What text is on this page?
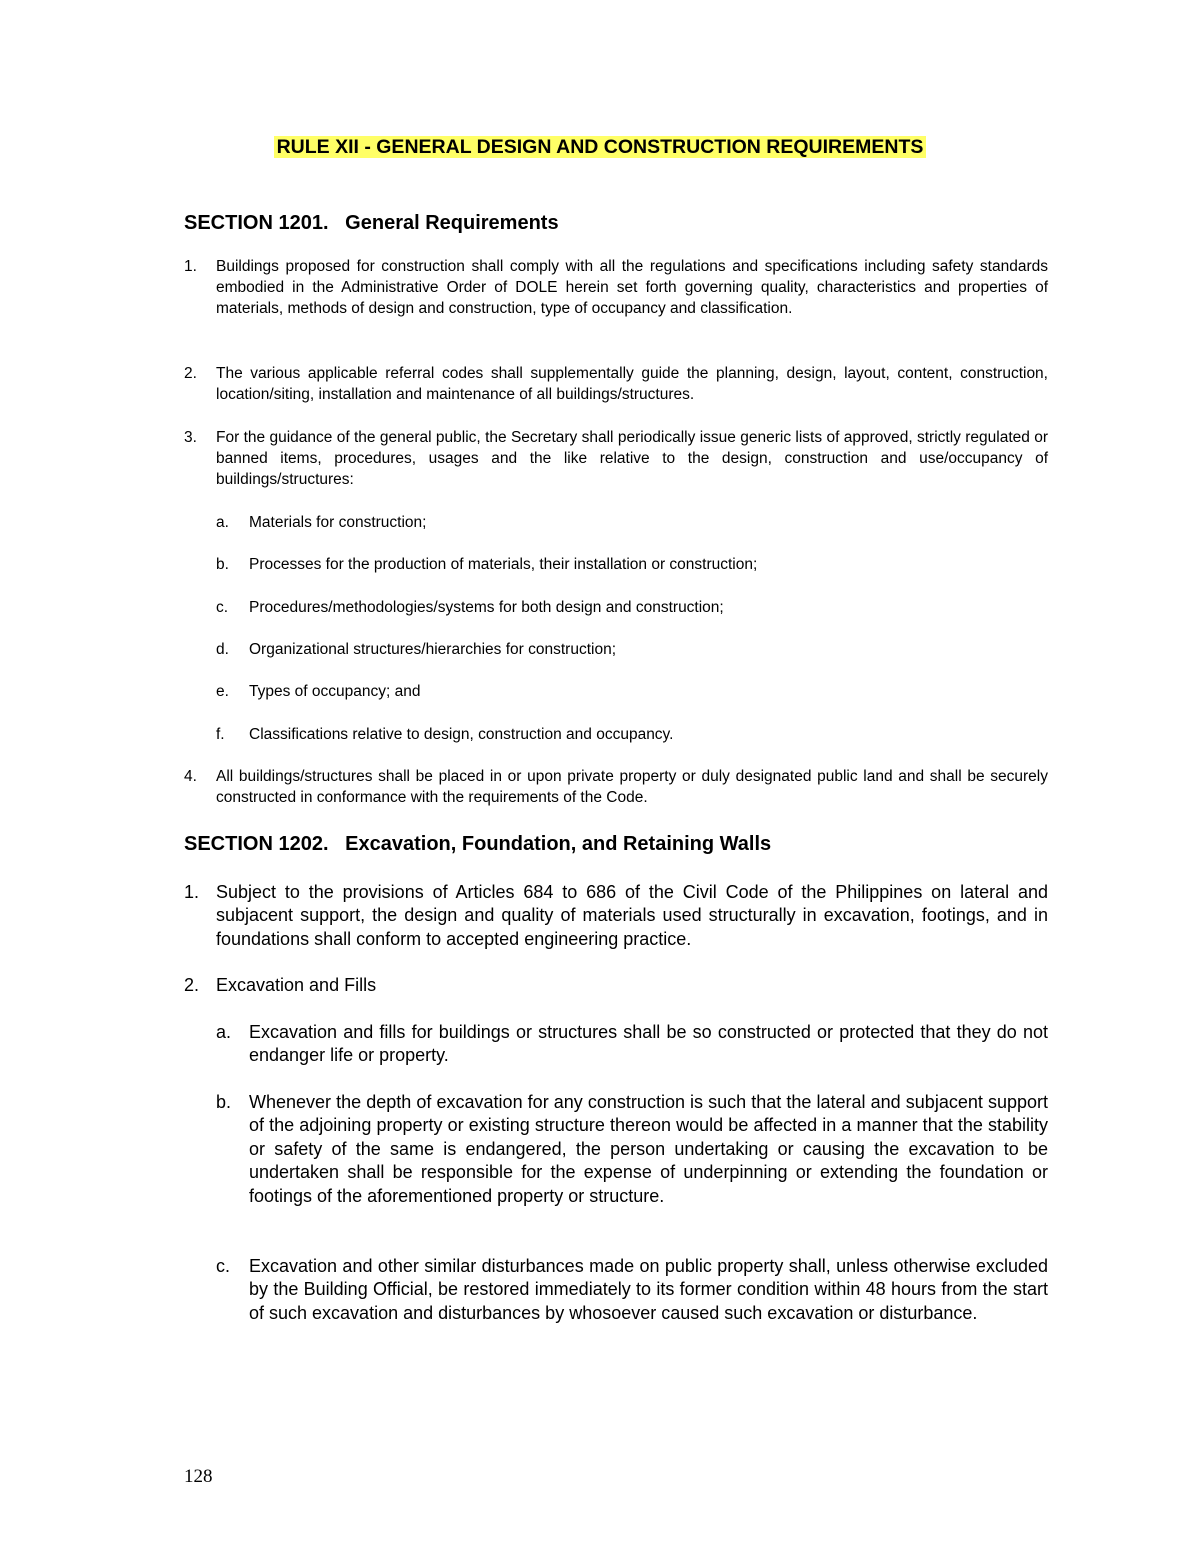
RULE XII - GENERAL DESIGN AND CONSTRUCTION REQUIREMENTS
SECTION 1201.   General Requirements
1. Buildings proposed for construction shall comply with all the regulations and specifications including safety standards embodied in the Administrative Order of DOLE herein set forth governing quality, characteristics and properties of materials, methods of design and construction, type of occupancy and classification.
2. The various applicable referral codes shall supplementally guide the planning, design, layout, content, construction, location/siting, installation and maintenance of all buildings/structures.
3. For the guidance of the general public, the Secretary shall periodically issue generic lists of approved, strictly regulated or banned items, procedures, usages and the like relative to the design, construction and use/occupancy of buildings/structures:
a. Materials for construction;
b. Processes for the production of materials, their installation or construction;
c. Procedures/methodologies/systems for both design and construction;
d. Organizational structures/hierarchies for construction;
e. Types of occupancy; and
f. Classifications relative to design, construction and occupancy.
4. All buildings/structures shall be placed in or upon private property or duly designated public land and shall be securely constructed in conformance with the requirements of the Code.
SECTION 1202.   Excavation, Foundation, and Retaining Walls
1. Subject to the provisions of Articles 684 to 686 of the Civil Code of the Philippines on lateral and subjacent support, the design and quality of materials used structurally in excavation, footings, and in foundations shall conform to accepted engineering practice.
2. Excavation and Fills
a. Excavation and fills for buildings or structures shall be so constructed or protected that they do not endanger life or property.
b. Whenever the depth of excavation for any construction is such that the lateral and subjacent support of the adjoining property or existing structure thereon would be affected in a manner that the stability or safety of the same is endangered, the person undertaking or causing the excavation to be undertaken shall be responsible for the expense of underpinning or extending the foundation or footings of the aforementioned property or structure.
c. Excavation and other similar disturbances made on public property shall, unless otherwise excluded by the Building Official, be restored immediately to its former condition within 48 hours from the start of such excavation and disturbances by whosoever caused such excavation or disturbance.
128
